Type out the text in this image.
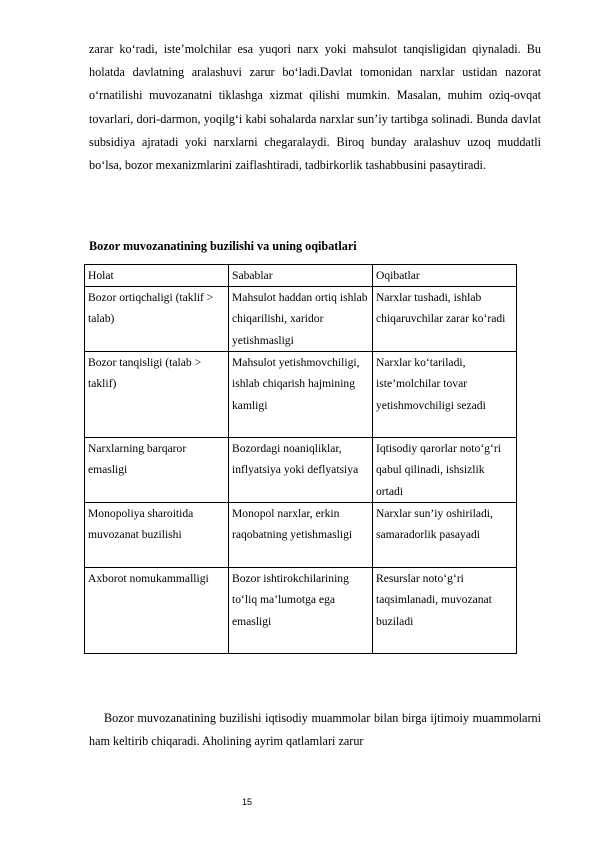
zarar ko‘radi, iste’molchilar esa yuqori narx yoki mahsulot tanqisligidan qiynaladi. Bu holatda davlatning aralashuvi zarur bo‘ladi.Davlat tomonidan narxlar ustidan nazorat o‘rnatilishi muvozanatni tiklashga xizmat qilishi mumkin. Masalan, muhim oziq-ovqat tovarlari, dori-darmon, yoqilg‘i kabi sohalarda narxlar sun’iy tartibga solinadi. Bunda davlat subsidiya ajratadi yoki narxlarni chegaralaydi. Biroq bunday aralashuv uzoq muddatli bo‘lsa, bozor mexanizmlarini zaiflashtiradi, tadbirkorlik tashabbusini pasaytiradi.

Bozor muvozanatining buzilishi va uning oqibatlari

Holat	Sabablar	Oqibatlar
Bozor ortiqchaligi (taklif > talab)	Mahsulot haddan ortiq ishlab chiqarilishi, xaridor yetishmasligi	Narxlar tushadi, ishlab chiqaruvchilar zarar ko‘radi
Bozor tanqisligi (talab > taklif)	Mahsulot yetishmovchiligi, ishlab chiqarish hajmining kamligi	Narxlar ko‘tariladi, iste’molchilar tovar yetishmovchiligi sezadi
Narxlarning barqaror emasligi	Bozordagi noaniqliklar, inflyatsiya yoki deflyatsiya	Iqtisodiy qarorlar noto‘g‘ri qabul qilinadi, ishsizlik ortadi
Monopoliya sharoitida muvozanat buzilishi	Monopol narxlar, erkin raqobatning yetishmasligi	Narxlar sun’iy oshiriladi, samaradorlik pasayadi
Axborot nomukammalligi	Bozor ishtirokchilarining to‘liq ma’lumotga ega emasligi	Resurslar noto‘g‘ri taqsimlanadi, muvozanat buziladi

Bozor muvozanatining buzilishi iqtisodiy muammolar bilan birga ijtimoiy muammolarni ham keltirib chiqaradi. Aholining ayrim qatlamlari zarur

15
